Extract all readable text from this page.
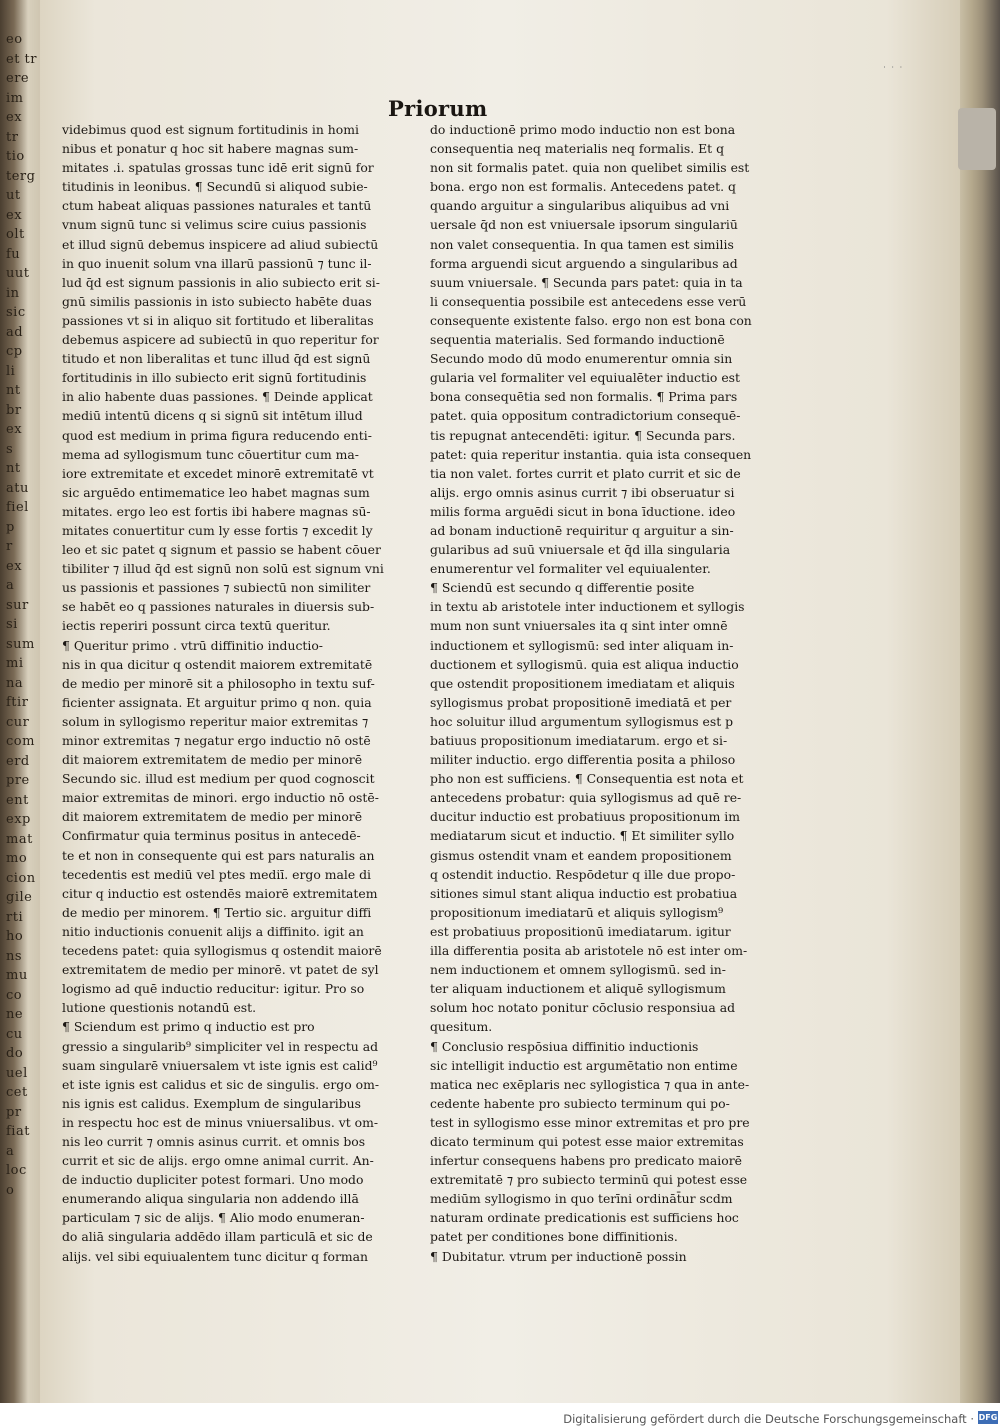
eo
et tr
ere
im
ex
tr
tio
terg
ut
ex
olt
fu
uut
in
sic
ad
cp
li
nt
br
ex
s
nt
atu
fiel
p
r
ex
a
sur
si
sum
mi
na
ftir
cur
com
erd
pre
ent
exp
mat
mo
cion
gile
rti
ho
ns
mu
co
ne
cu
do
uel
cet
pr
fiat
a
loc
o
˙ ˙ ˙
Priorum
videbimus quod est signum fortitudinis in homi
nibus et ponatur q hoc sit habere magnas sum-
mitates .i. spatulas grossas tunc idē erit signū for
titudinis in leonibus. ¶ Secundū si aliquod subie-
ctum habeat aliquas passiones naturales et tantū
vnum signū tunc si velimus scire cuius passionis
et illud signū debemus inspicere ad aliud subiectū
in quo inuenit solum vna illarū passionū ⁊ tunc il-
lud q̄d est signum passionis in alio subiecto erit si-
gnū similis passionis in isto subiecto habēte duas
passiones vt si in aliquo sit fortitudo et liberalitas
debemus aspicere ad subiectū in quo reperitur for
titudo et non liberalitas et tunc illud q̄d est signū
fortitudinis in illo subiecto erit signū fortitudinis
in alio habente duas passiones. ¶ Deinde applicat
mediū intentū dicens q si signū sit intētum illud
quod est medium in prima figura reducendo enti-
mema ad syllogismum tunc cōuertitur cum ma-
iore extremitate et excedet minorē extremitatē vt
sic arguēdo entimematice leo habet magnas sum
mitates. ergo leo est fortis ibi habere magnas sū-
mitates conuertitur cum ly esse fortis ⁊ excedit ly
leo et sic patet q signum et passio se habent cōuer
tibiliter ⁊ illud q̄d est signū non solū est signum vni
us passionis et passiones ⁊ subiectū non similiter
se habēt eo q passiones naturales in diuersis sub-
iectis reperiri possunt circa textū queritur.
¶ Queritur primo . vtrū diffinitio inductio-
nis in qua dicitur q ostendit maiorem extremitatē
de medio per minorē sit a philosopho in textu suf-
ficienter assignata. Et arguitur primo q non. quia
solum in syllogismo reperitur maior extremitas ⁊
minor extremitas ⁊ negatur ergo inductio nō ostē
dit maiorem extremitatem de medio per minorē
Secundo sic. illud est medium per quod cognoscit
maior extremitas de minori. ergo inductio nō ostē-
dit maiorem extremitatem de medio per minorē
Confirmatur quia terminus positus in antecedē-
te et non in consequente qui est pars naturalis an
tecedentis est mediū vel ptes mediī. ergo male di
citur q inductio est ostendēs maiorē extremitatem
de medio per minorem. ¶ Tertio sic. arguitur diffi
nitio inductionis conuenit alijs a diffinito. igit an
tecedens patet: quia syllogismus q ostendit maiorē
extremitatem de medio per minorē. vt patet de syl
logismo ad quē inductio reducitur: igitur. Pro so
lutione questionis notandū est.
¶ Sciendum est primo q inductio est pro
gressio a singularib⁹ simpliciter vel in respectu ad
suam singularē vniuersalem vt iste ignis est calid⁹
et iste ignis est calidus et sic de singulis. ergo om-
nis ignis est calidus. Exemplum de singularibus
in respectu hoc est de minus vniuersalibus. vt om-
nis leo currit ⁊ omnis asinus currit. et omnis bos
currit et sic de alijs. ergo omne animal currit. An-
de inductio dupliciter potest formari. Uno modo
enumerando aliqua singularia non addendo illā
particulam ⁊ sic de alijs. ¶ Alio modo enumeran-
do aliā singularia addēdo illam particulā et sic de
alijs. vel sibi equiualentem tunc dicitur q forman
do inductionē primo modo inductio non est bona
consequentia neq materialis neq formalis. Et q
non sit formalis patet. quia non quelibet similis est
bona. ergo non est formalis. Antecedens patet. q
quando arguitur a singularibus aliquibus ad vni
uersale q̄d non est vniuersale ipsorum singulariū
non valet consequentia. In qua tamen est similis
forma arguendi sicut arguendo a singularibus ad
suum vniuersale. ¶ Secunda pars patet: quia in ta
li consequentia possibile est antecedens esse verū
consequente existente falso. ergo non est bona con
sequentia materialis. Sed formando inductionē
Secundo modo dū modo enumerentur omnia sin
gularia vel formaliter vel equiualēter inductio est
bona consequētia sed non formalis. ¶ Prima pars
patet. quia oppositum contradictorium consequē-
tis repugnat antecendēti: igitur. ¶ Secunda pars.
patet: quia reperitur instantia. quia ista consequen
tia non valet. fortes currit et plato currit et sic de
alijs. ergo omnis asinus currit ⁊ ibi obseruatur si
milis forma arguēdi sicut in bona īductione. ideo
ad bonam inductionē requiritur q arguitur a sin-
gularibus ad suū vniuersale et q̄d illa singularia
enumerentur vel formaliter vel equiualenter.
¶ Sciendū est secundo q differentie posite
in textu ab aristotele inter inductionem et syllogis
mum non sunt vniuersales ita q sint inter omnē
inductionem et syllogismū: sed inter aliquam in-
ductionem et syllogismū. quia est aliqua inductio
que ostendit propositionem imediatam et aliquis
syllogismus probat propositionē imediatā et per
hoc soluitur illud argumentum syllogismus est p
batiuus propositionum imediatarum. ergo et si-
militer inductio. ergo differentia posita a philoso
pho non est sufficiens. ¶ Consequentia est nota et
antecedens probatur: quia syllogismus ad quē re-
ducitur inductio est probatiuus propositionum im
mediatarum sicut et inductio. ¶ Et similiter syllo
gismus ostendit vnam et eandem propositionem
q ostendit inductio. Respōdetur q ille due propo-
sitiones simul stant aliqua inductio est probatiua
propositionum imediatarū et aliquis syllogism⁹
est probatiuus propositionū imediatarum. igitur
illa differentia posita ab aristotele nō est inter om-
nem inductionem et omnem syllogismū. sed in-
ter aliquam inductionem et aliquē syllogismum
solum hoc notato ponitur cōclusio responsiua ad
quesitum.
¶ Conclusio respōsiua diffinitio inductionis
sic intelligit inductio est argumētatio non entime
matica nec exēplaris nec syllogistica ⁊ qua in ante-
cedente habente pro subiecto terminum qui po-
test in syllogismo esse minor extremitas et pro pre
dicato terminum qui potest esse maior extremitas
infertur consequens habens pro predicato maiorē
extremitatē ⁊ pro subiecto terminū qui potest esse
mediūm syllogismo in quo terīni ordināt̄ur scdm
naturam ordinate predicationis est sufficiens hoc
patet per conditiones bone diffinitionis.
¶ Dubitatur. vtrum per inductionē possin
Digitalisierung gefördert durch die Deutsche Forschungsgemeinschaft · DFG
